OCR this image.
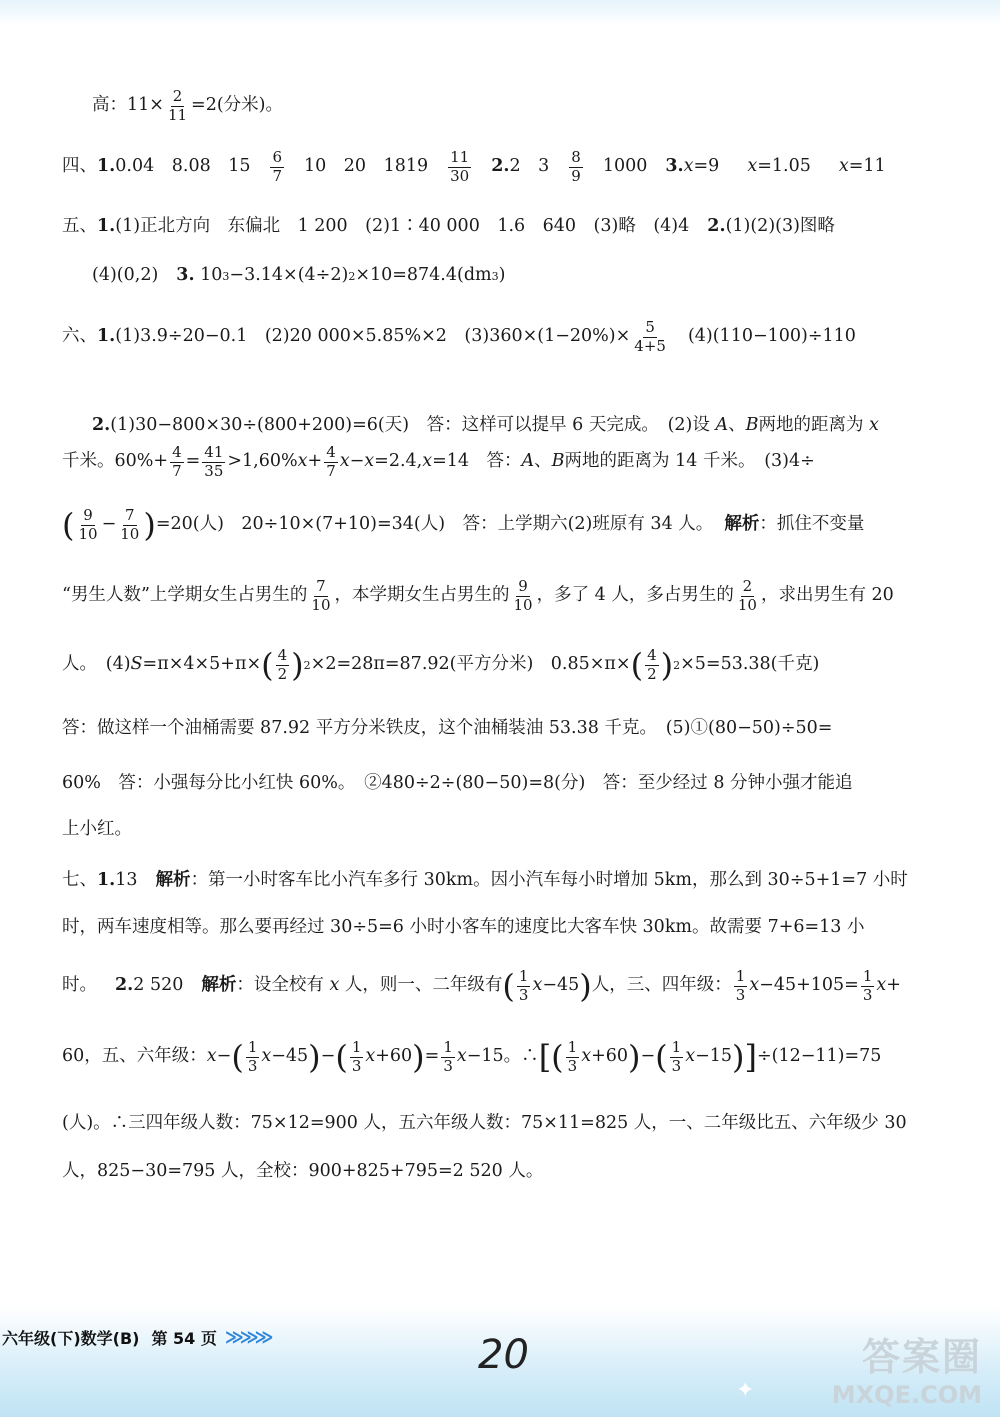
高：$11\times \frac{2}{11} =2$(分米)。
四、 1. 0.04　8.08　$15 \frac{6}{7} 10$　20　$1819 \frac{11}{30} 2$. 2　$3 \frac{8}{9} 1000$ 3. x =9 x =1.05 x =11
五、 1. (1)正北方向　东偏北　1 200　(2)1∶40 000　1.6　640　(3)略　(4)4 2. (1)(2)(3)图略
(4)(0,2) 3.
10 3 −3.14×(4÷2) 2 ×10=874.4(dm 3 )
六、 1. (1)3.9÷20−0.1　(2)20 000×5.85%×2　$(3)360\times(1-20\%)\times \frac{5}{4+5} (4)(110-100)\div 110$
2. (1)30−800×30÷(800+200)=6(天)　答：这样可以提早 6 天完成。　(2)设
A 、 B 两地的距离为
x
千米。$60\%+ \frac{4}{7} = \frac{41}{35} >1,60\%$ $x + \frac{4}{7}$ x − x =2.4, x =14　答： A 、 B 两地的距离为 14 千米。　(3)4÷
( $\frac{9}{10} - \frac{7}{10}$ ) =20(人)　20÷10×(7+10)=34(人)　答：上学期六(2)班原有 34 人。
解析 ：抓住不变量
“男生人数”上学期女生占男生的 $\frac{7}{10}$ ，本学期女生占男生的 $\frac{9}{10}$ ，多了 4 人，多占男生的 $\frac{2}{10}$ ，求出男生有 20
人。　(4) S =π×4×5+π× ( $\frac{4}{2}$ ) 2 ×2=28π=87.92(平方分米)　0.85×π× ( $\frac{4}{2}$ ) 2 ×5=53.38(千克)
答：做这样一个油桶需要 87.92 平方分米铁皮，这个油桶装油 53.38 千克。　(5)①(80−50)÷50=
60%　答：小强每分比小红快 60%。　②480÷2÷(80−50)=8(分)　答：至少经过 8 分钟小强才能追
上小红。
七、 1. 13 解析 ：第一小时客车比小汽车多行 30km。因小汽车每小时增加 5km，那么到 30÷5+1=7 小时
时，两车速度相等。那么要再经过 30÷5=6 小时小客车的速度比大客车快 30km。故需要 7+6=13 小
时。 2. 2 520 解析 ：设全校有
x
人，则一、二年级有 ( $\frac{1}{3}$ x −45 ) 人，三、四年级： $\frac{1}{3}$ $x -45+105= \frac{1}{3}$ x +
60，五、六年级： x − ( $\frac{1}{3}$ x −45 ) − ( $\frac{1}{3}$ x +60 ) = $\frac{1}{3}$ x −15。∴ [ ( $\frac{1}{3}$ x +60 ) − ( $\frac{1}{3}$ x −15 ) ] ÷(12−11)=75
(人)。∴三四年级人数：75×12=900 人，五六年级人数：75×11=825 人，一、二年级比五、六年级少 30
人，825−30=795 人，全校：900+825+795=2 520 人。
六年级(下)数学(B) 第 54 页 ≫≫≫	20	答案圈
MXQE.COM
✦
